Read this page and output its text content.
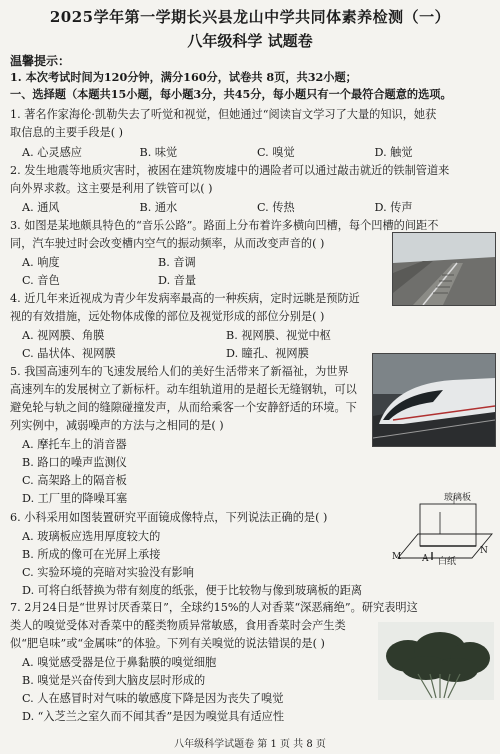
2025学年第一学期长兴县龙山中学共同体素养检测（一）
八年级科学 试题卷
温馨提示：
1. 本次考试时间为120分钟，满分160分，试卷共 8页，共32小题；
一、选择题（本题共15小题，每小题3分，共45分，每小题只有一个最符合题意的选项。
1. 著名作家海伦·凯勒失去了听觉和视觉，但她通过“阅读盲文学习了大量的知识，她获
取信息的主要手段是( )
A. 心灵感应	B. 味觉	C. 嗅觉	D. 触觉
2. 发生地震等地质灾害时，被困在建筑物废墟中的遇险者可以通过敲击就近的铁制管道来
向外界求救。这主要是利用了铁管可以( )
A. 通风	B. 通水	C. 传热	D. 传声
3. 如图是某地颇具特色的“音乐公路”。路面上分布着许多横向凹槽，每个凹槽的间距不
同，汽车驶过时会改变槽内空气的振动频率，从而改变声音的( )
A. 响度	B. 音调
C. 音色	D. 音量
4. 近几年来近视成为青少年发病率最高的一种疾病，定时远眺是预防近
视的有效措施，远处物体成像的部位及视觉形成的部位分别是( )
A. 视网膜、角膜	B. 视网膜、视觉中枢
C. 晶状体、视网膜	D. 瞳孔、视网膜
5. 我国高速列车的飞速发展给人们的美好生活带来了新福祉，为世界
高速列车的发展树立了新标杆。动车组轨道用的是超长无缝钢轨，可以
避免轮与轨之间的缝隙碰撞发声，从而给乘客一个安静舒适的环境。下
列实例中，减弱噪声的方法与之相同的是( )
A. 摩托车上的消音器
B. 路口的噪声监测仪
C. 高架路上的隔音板
D. 工厂里的降噪耳塞
6. 小科采用如图装置研究平面镜成像特点，下列说法正确的是( )
A. 玻璃板应选用厚度较大的
B. 所成的像可在光屏上承接
C. 实验环境的亮暗对实验没有影响
D. 可将白纸替换为带有刻度的纸张，便于比较物与像到玻璃板的距离
玻璃板
M A
N
白纸
7. 2月24日是“世界讨厌香菜日”，全球约15%的人对香菜“深恶痛绝”。研究表明这
类人的嗅觉受体对香菜中的醛类物质异常敏感，食用香菜时会产生类
似“肥皂味”或“金属味”的体验。下列有关嗅觉的说法错误的是( )
A. 嗅觉感受器是位于鼻黏膜的嗅觉细胞
B. 嗅觉是兴奋传到大脑皮层时形成的
C. 人在感冒时对气味的敏感度下降是因为丧失了嗅觉
D. “入芝兰之室久而不闻其香”是因为嗅觉具有适应性
八年级科学试题卷 第 1 页 共 8 页
